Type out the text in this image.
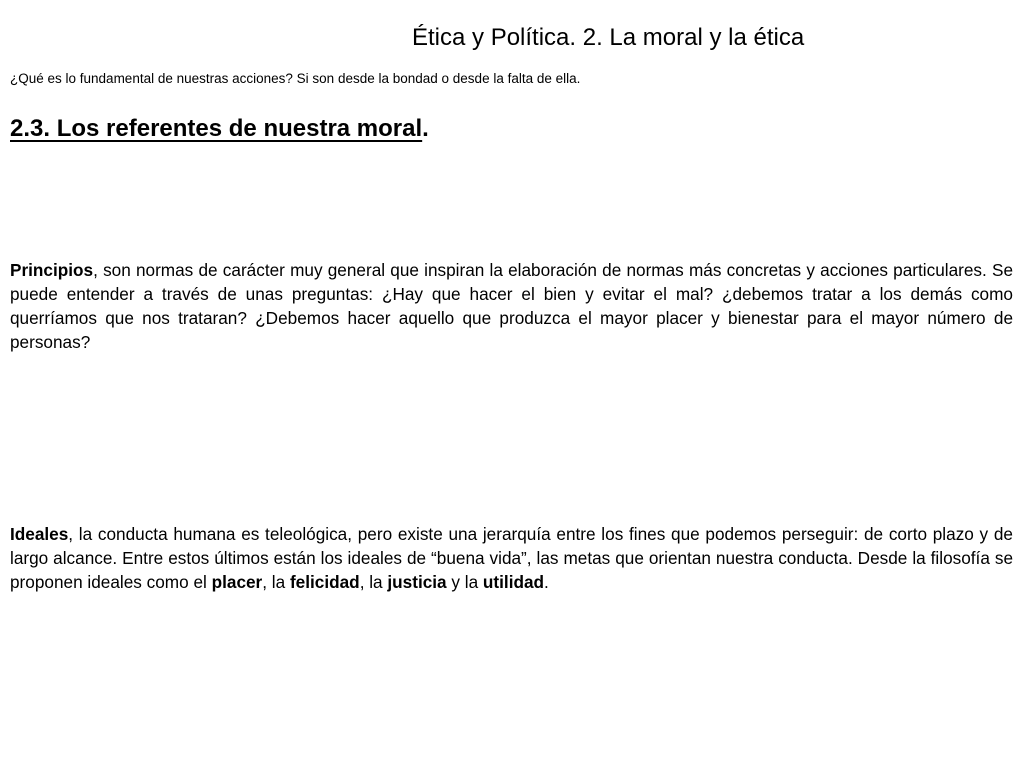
Ética y Política. 2. La moral y la ética
¿Qué es lo fundamental de nuestras acciones? Si son desde la bondad o desde la falta de ella.
2.3. Los referentes de nuestra moral.

Principios, son normas de carácter muy general que inspiran la elaboración de normas más concretas y acciones particulares. Se puede entender a través de unas preguntas: ¿Hay que hacer el bien y evitar el mal? ¿debemos tratar a los demás como querríamos que nos trataran? ¿Debemos hacer aquello que produzca el mayor placer y bienestar para el mayor número de personas?

Ideales, la conducta humana es teleológica, pero existe una jerarquía entre los fines que podemos perseguir: de corto plazo y de largo alcance. Entre estos últimos están los ideales de “buena vida”, las metas que orientan nuestra conducta. Desde la filosofía se proponen ideales como el placer, la felicidad, la justicia y la utilidad.
